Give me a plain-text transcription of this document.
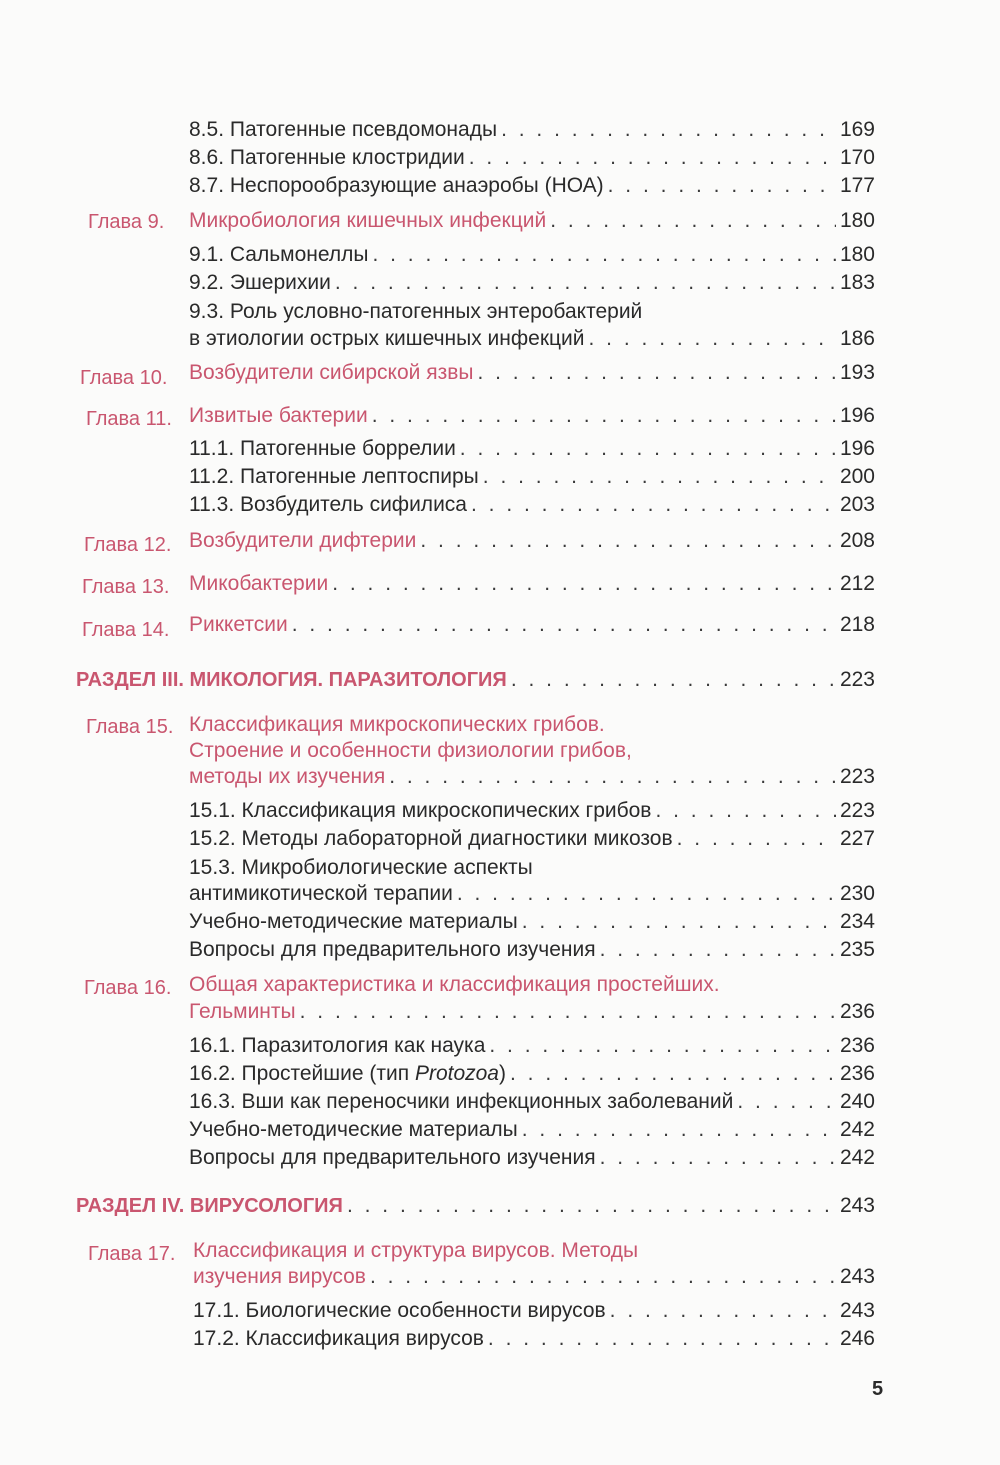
8.5. Патогенные псевдомонады . . .	169
8.6. Патогенные клостридии . . .	170
8.7. Неспорообразующие анаэробы (НОА) . . .	177
Глава 9. Микробиология кишечных инфекций . . .	180
9.1. Сальмонеллы . . .	180
9.2. Эшерихии . . .	183
9.3. Роль условно-патогенных энтеробактерий
в этиологии острых кишечных инфекций . . .	186
Глава 10. Возбудители сибирской язвы . . .	193
Глава 11. Извитые бактерии . . .	196
11.1. Патогенные боррелии . . .	196
11.2. Патогенные лептоспиры . . .	200
11.3. Возбудитель сифилиса . . .	203
Глава 12. Возбудители дифтерии . . .	208
Глава 13. Микобактерии . . .	212
Глава 14. Риккетсии . . .	218
РАЗДЕЛ III. МИКОЛОГИЯ. ПАРАЗИТОЛОГИЯ . . .	223
Глава 15. Классификация микроскопических грибов.
Строение и особенности физиологии грибов,
методы их изучения . . .	223
15.1. Классификация микроскопических грибов . . .	223
15.2. Методы лабораторной диагностики микозов . . .	227
15.3. Микробиологические аспекты
антимикотической терапии . . .	230
Учебно-методические материалы . . .	234
Вопросы для предварительного изучения . . .	235
Глава 16. Общая характеристика и классификация простейших.
Гельминты . . .	236
16.1. Паразитология как наука . . .	236
16.2. Простейшие (тип Protozoa) . . .	236
16.3. Вши как переносчики инфекционных заболеваний . . .	240
Учебно-методические материалы . . .	242
Вопросы для предварительного изучения . . .	242
РАЗДЕЛ IV. ВИРУСОЛОГИЯ . . .	243
Глава 17. Классификация и структура вирусов. Методы
изучения вирусов . . .	243
17.1. Биологические особенности вирусов . . .	243
17.2. Классификация вирусов . . .	246
5
